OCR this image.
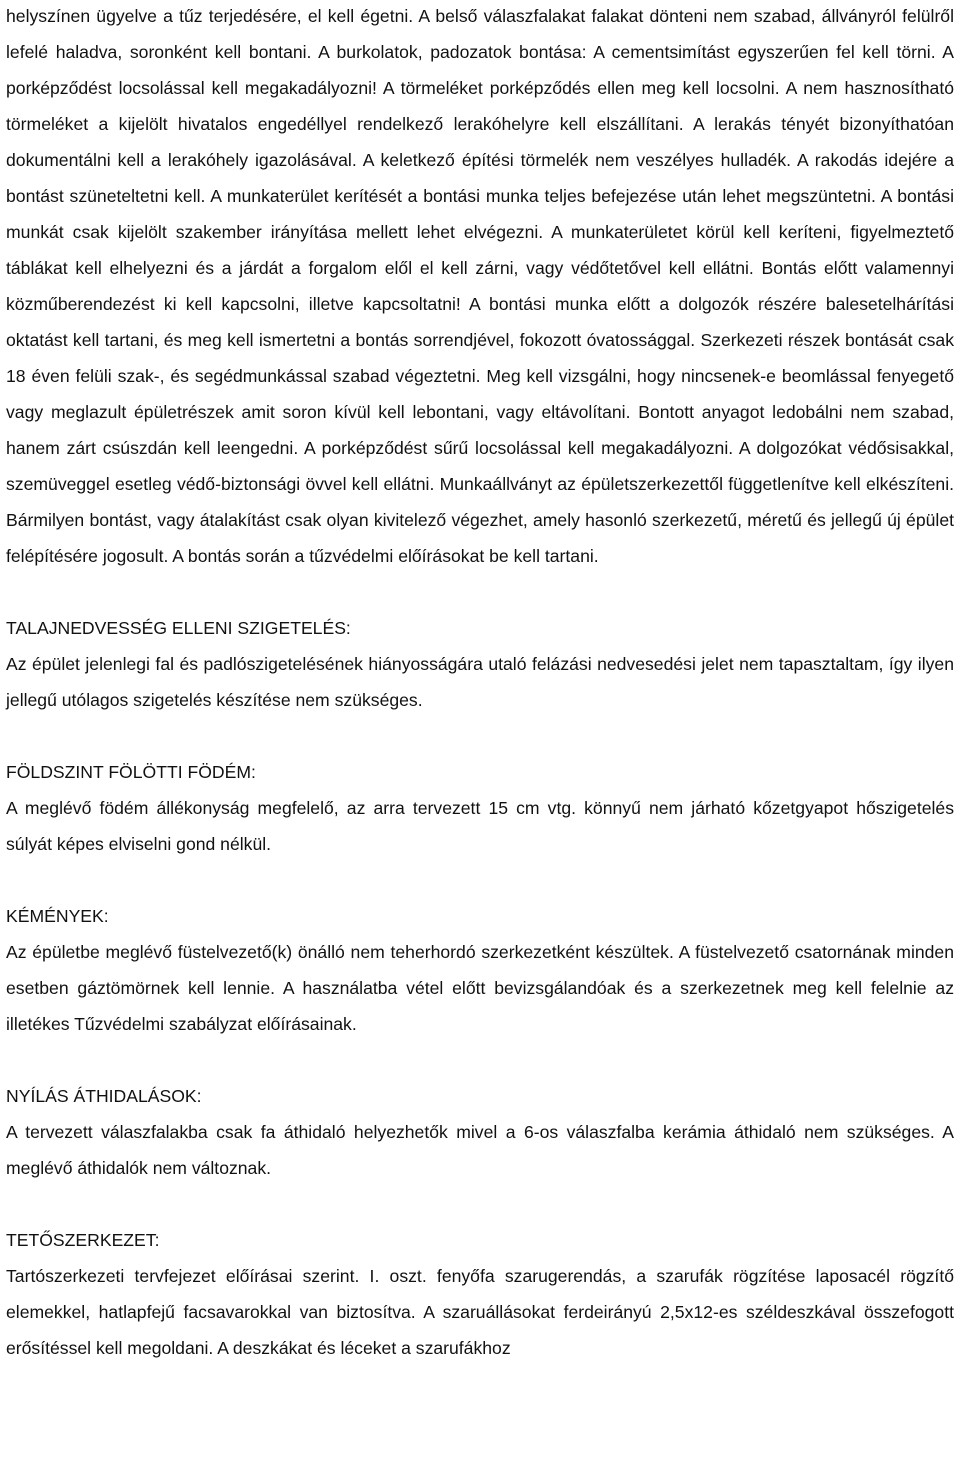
helyszínen ügyelve a tűz terjedésére, el kell égetni. A belső válaszfalakat falakat dönteni nem szabad, állványról felülről lefelé haladva, soronként kell bontani. A burkolatok, padozatok bontása: A cementsimítást egyszerűen fel kell törni. A porképződést locsolással kell megakadályozni! A törmeléket porképződés ellen meg kell locsolni. A nem hasznosítható törmeléket a kijelölt hivatalos engedéllyel rendelkező lerakóhelyre kell elszállítani. A lerakás tényét bizonyíthatóan dokumentálni kell a lerakóhely igazolásával. A keletkező építési törmelék nem veszélyes hulladék. A rakodás idejére a bontást szüneteltetni kell. A munkaterület kerítését a bontási munka teljes befejezése után lehet megszüntetni. A bontási munkát csak kijelölt szakember irányítása mellett lehet elvégezni. A munkaterületet körül kell keríteni, figyelmeztető táblákat kell elhelyezni és a járdát a forgalom elől el kell zárni, vagy védőtetővel kell ellátni. Bontás előtt valamennyi közműberendezést ki kell kapcsolni, illetve kapcsoltatni! A bontási munka előtt a dolgozók részére balesetelhárítási oktatást kell tartani, és meg kell ismertetni a bontás sorrendjével, fokozott óvatossággal. Szerkezeti részek bontását csak 18 éven felüli szak-, és segédmunkással szabad végeztetni. Meg kell vizsgálni, hogy nincsenek-e beomlással fenyegető vagy meglazult épületrészek amit soron kívül kell lebontani, vagy eltávolítani. Bontott anyagot ledobálni nem szabad, hanem zárt csúszdán kell leengedni. A porképződést sűrű locsolással kell megakadályozni. A dolgozókat védősisakkal, szemüveggel esetleg védő-biztonsági övvel kell ellátni. Munkaállványt az épületszerkezettől függetlenítve kell elkészíteni. Bármilyen bontást, vagy átalakítást csak olyan kivitelező végezhet, amely hasonló szerkezetű, méretű és jellegű új épület felépítésére jogosult. A bontás során a tűzvédelmi előírásokat be kell tartani.

TALAJNEDVESSÉG ELLENI SZIGETELÉS:

Az épület jelenlegi fal és padlószigetelésének hiányosságára utaló felázási nedvesedési jelet nem tapasztaltam, így ilyen jellegű utólagos szigetelés készítése nem szükséges.

FÖLDSZINT FÖLÖTTI FÖDÉM:

A meglévő födém állékonyság megfelelő, az arra tervezett 15 cm vtg. könnyű nem járható kőzetgyapot hőszigetelés súlyát képes elviselni gond nélkül.

KÉMÉNYEK:

Az épületbe meglévő füstelvezető(k) önálló nem teherhordó szerkezetként készültek. A füstelvezető csatornának minden esetben gáztömörnek kell lennie. A használatba vétel előtt bevizsgálandóak és a szerkezetnek meg kell felelnie az illetékes Tűzvédelmi szabályzat előírásainak.

NYÍLÁS ÁTHIDALÁSOK:

A tervezett válaszfalakba csak fa áthidaló helyezhetők mivel a 6-os válaszfalba kerámia áthidaló nem szükséges. A meglévő áthidalók nem változnak.

TETŐSZERKEZET:

Tartószerkezeti tervfejezet előírásai szerint. I. oszt. fenyőfa szarugerendás, a szarufák rögzítése laposacél rögzítő elemekkel, hatlapfejű facsavarokkal van biztosítva. A szaruállásokat ferdeirányú 2,5x12-es széldeszkával összefogott erősítéssel kell megoldani. A deszkákat és léceket a szarufákhoz
